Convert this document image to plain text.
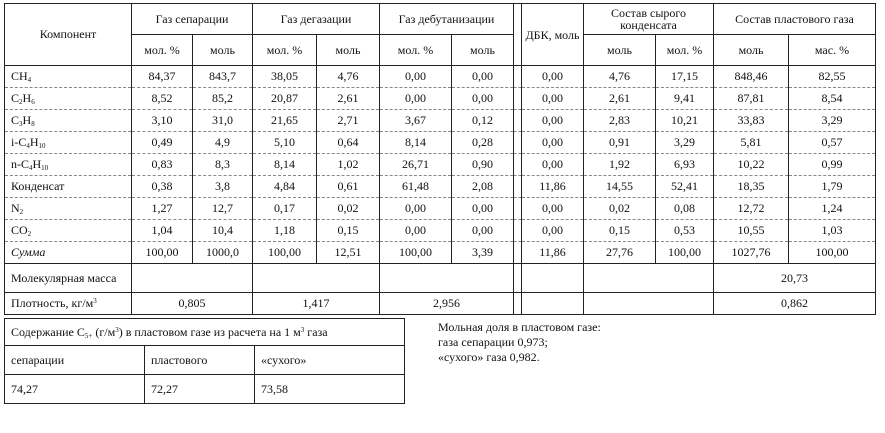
Компонент	Газ сепарации		Газ дегазации		Газ дебутанизации			ДБК, моль	Состав сырого конденсата		Состав пластового газа	
	мол. %	моль	мол. %	моль	мол. %	моль			моль	мол. %	моль	мас. %
$CH_4$	84,37	843,7	38,05	4,76	0,00	0,00		0,00	4,76	17,15	848,46	82,55
$C_2H_6$	8,52	85,2	20,87	2,61	0,00	0,00		0,00	2,61	9,41	87,81	8,54
$C_3H_8$	3,10	31,0	21,65	2,71	3,67	0,12		0,00	2,83	10,21	33,83	3,29
$i-C_4H_{10}$	0,49	4,9	5,10	0,64	8,14	0,28		0,00	0,91	3,29	5,81	0,57
$n-C_4H_{10}$	0,83	8,3	8,14	1,02	26,71	0,90		0,00	1,92	6,93	10,22	0,99
Конденсат	0,38	3,8	4,84	0,61	61,48	2,08		11,86	14,55	52,41	18,35	1,79
$N_2$	1,27	12,7	0,17	0,02	0,00	0,00		0,00	0,02	0,08	12,72	1,24
$CO_2$	1,04	10,4	1,18	0,15	0,00	0,00		0,00	0,15	0,53	10,55	1,03
Сумма	100,00	1000,0	100,00	12,51	100,00	3,39		11,86	27,76	100,00	1027,76	100,00
Молекулярная масса											20,73	
Плотность, $кг/м^3$	0,805		1,417		2,956						0,862	
Содержание $С_{5+}$ $(г/м^3)$ в пластовом газе из расчета на 1 $м^3$ газа		
сепарации	пластового	«сухого»
74,27	72,27	73,58
Мольная доля в пластовом газе:
газа сепарации 0,973;
«сухого» газа 0,982.
